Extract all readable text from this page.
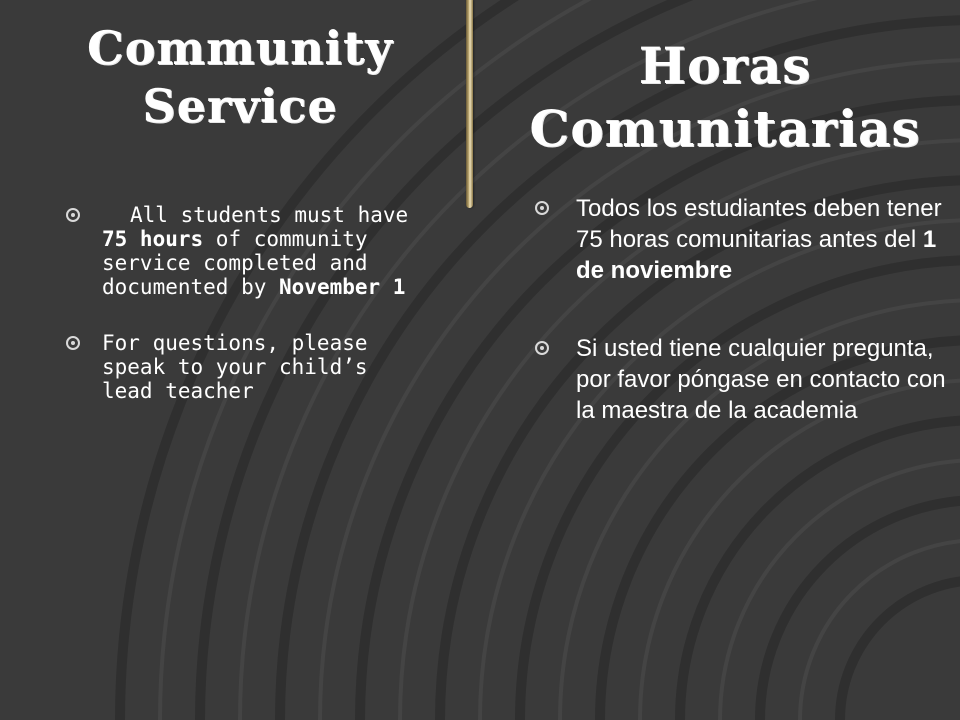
Community
Service
Horas
Comunitarias
All students must have 75 hours of community service completed and documented by November 1
For questions, please speak to your child’s lead teacher
Todos los estudiantes deben tener 75 horas comunitarias antes del 1 de noviembre
Si usted tiene cualquier pregunta, por favor póngase en contacto con la maestra de la academia
